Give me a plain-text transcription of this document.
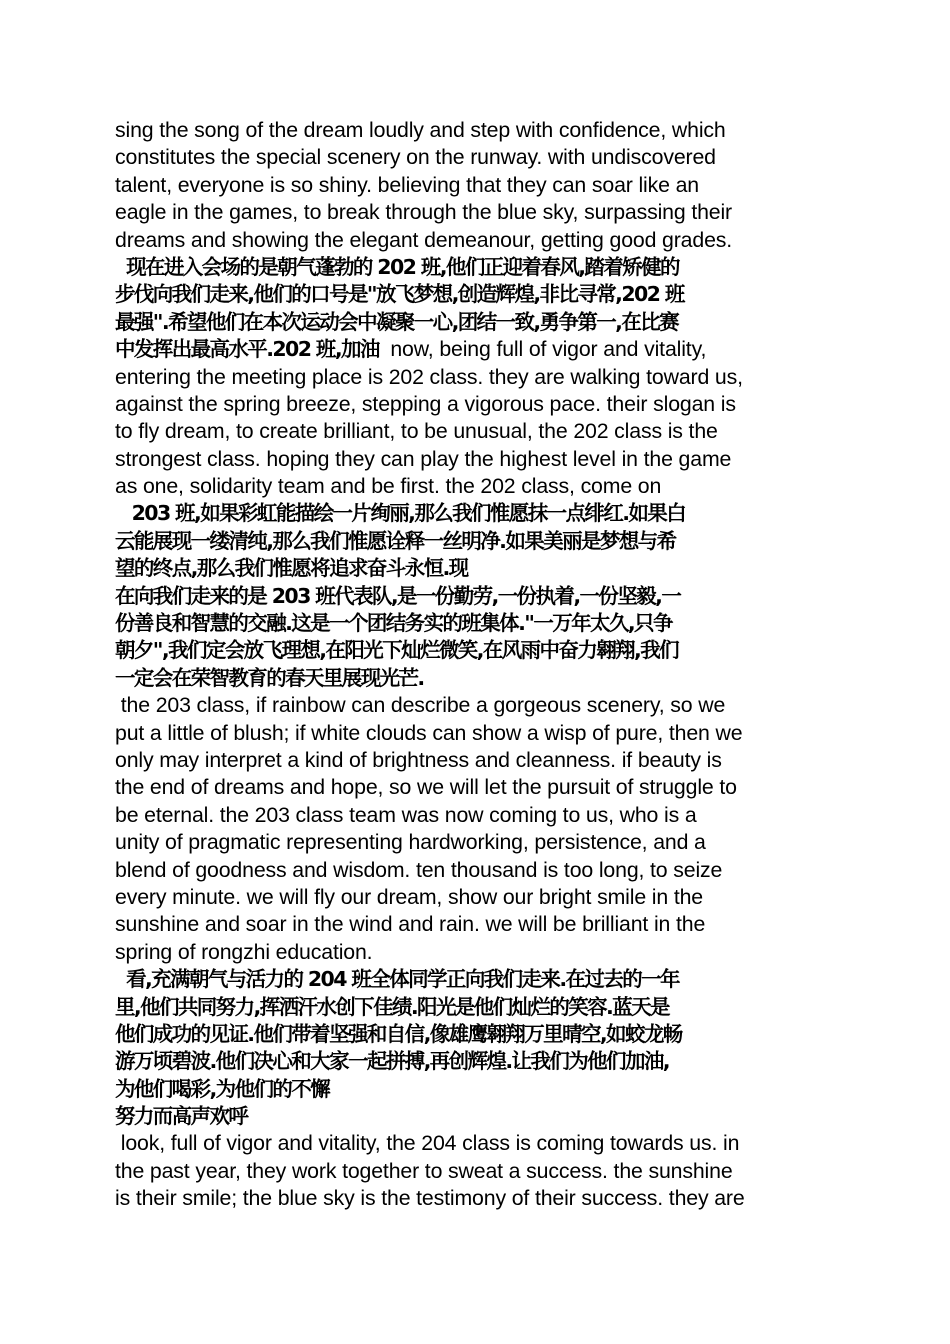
sing the song of the dream loudly and step with confidence, which
constitutes the special scenery on the runway. with undiscovered
talent, everyone is so shiny. believing that they can soar like an
eagle in the games, to break through the blue sky, surpassing their
dreams and showing the elegant demeanour, getting good grades.
现在进入会场的是朝气蓬勃的 202 班,他们正迎着春风,踏着矫健的
步伐向我们走来,他们的口号是"放飞梦想,创造辉煌,非比寻常,202 班
最强".希望他们在本次运动会中凝聚一心,团结一致,勇争第一,在比赛
中发挥出最高水平.202 班,加油  now, being full of vigor and vitality,
entering the meeting place is 202 class. they are walking toward us,
against the spring breeze, stepping a vigorous pace. their slogan is
to fly dream, to create brilliant, to be unusual, the 202 class is the
strongest class. hoping they can play the highest level in the game
as one, solidarity team and be first. the 202 class, come on
203 班,如果彩虹能描绘一片绚丽,那么我们惟愿抹一点绯红.如果白
云能展现一缕清纯,那么我们惟愿诠释一丝明净.如果美丽是梦想与希
望的终点,那么我们惟愿将追求奋斗永恒.现
在向我们走来的是 203 班代表队,是一份勤劳,一份执着,一份坚毅,一
份善良和智慧的交融.这是一个团结务实的班集体."一万年太久,只争
朝夕",我们定会放飞理想,在阳光下灿烂微笑,在风雨中奋力翱翔,我们
一定会在荣智教育的春天里展现光芒.
the 203 class, if rainbow can describe a gorgeous scenery, so we
put a little of blush; if white clouds can show a wisp of pure, then we
only may interpret a kind of brightness and cleanness. if beauty is
the end of dreams and hope, so we will let the pursuit of struggle to
be eternal. the 203 class team was now coming to us, who is a
unity of pragmatic representing hardworking, persistence, and a
blend of goodness and wisdom. ten thousand is too long, to seize
every minute. we will fly our dream, show our bright smile in the
sunshine and soar in the wind and rain. we will be brilliant in the
spring of rongzhi education.
看,充满朝气与活力的 204 班全体同学正向我们走来.在过去的一年
里,他们共同努力,挥洒汗水创下佳绩.阳光是他们灿烂的笑容.蓝天是
他们成功的见证.他们带着坚强和自信,像雄鹰翱翔万里晴空,如蛟龙畅
游万顷碧波.他们决心和大家一起拼搏,再创辉煌.让我们为他们加油,
为他们喝彩,为他们的不懈
努力而高声欢呼
look, full of vigor and vitality, the 204 class is coming towards us. in
the past year, they work together to sweat a success. the sunshine
is their smile; the blue sky is the testimony of their success. they are
